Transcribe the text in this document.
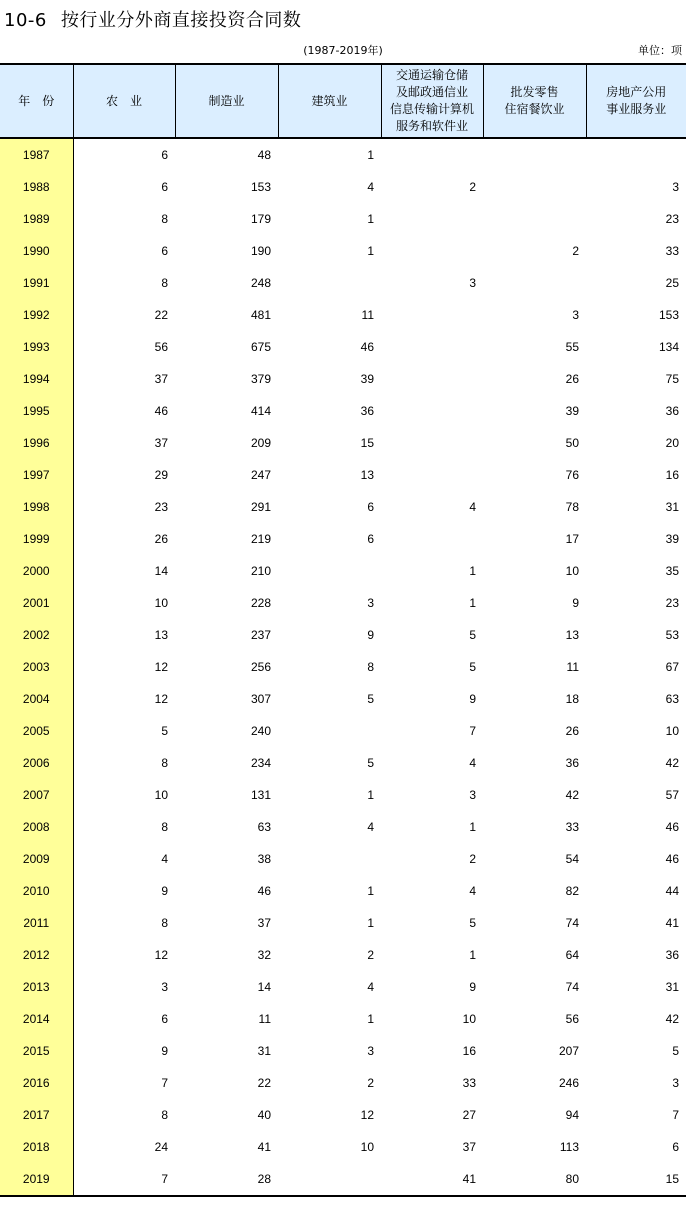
10-6 按行业分外商直接投资合同数
(1987-2019年)	单位：项
年　份	农　业	制造业	建筑业	交通运输仓储
及邮政通信业
信息传输计算机
服务和软件业	批发零售
住宿餐饮业	房地产公用
事业服务业
1987	6	48	1			
1988	6	153	4	2		3
1989	8	179	1			23
1990	6	190	1		2	33
1991	8	248		3		25
1992	22	481	11		3	153
1993	56	675	46		55	134
1994	37	379	39		26	75
1995	46	414	36		39	36
1996	37	209	15		50	20
1997	29	247	13		76	16
1998	23	291	6	4	78	31
1999	26	219	6		17	39
2000	14	210		1	10	35
2001	10	228	3	1	9	23
2002	13	237	9	5	13	53
2003	12	256	8	5	11	67
2004	12	307	5	9	18	63
2005	5	240		7	26	10
2006	8	234	5	4	36	42
2007	10	131	1	3	42	57
2008	8	63	4	1	33	46
2009	4	38		2	54	46
2010	9	46	1	4	82	44
2011	8	37	1	5	74	41
2012	12	32	2	1	64	36
2013	3	14	4	9	74	31
2014	6	11	1	10	56	42
2015	9	31	3	16	207	5
2016	7	22	2	33	246	3
2017	8	40	12	27	94	7
2018	24	41	10	37	113	6
2019	7	28		41	80	15
